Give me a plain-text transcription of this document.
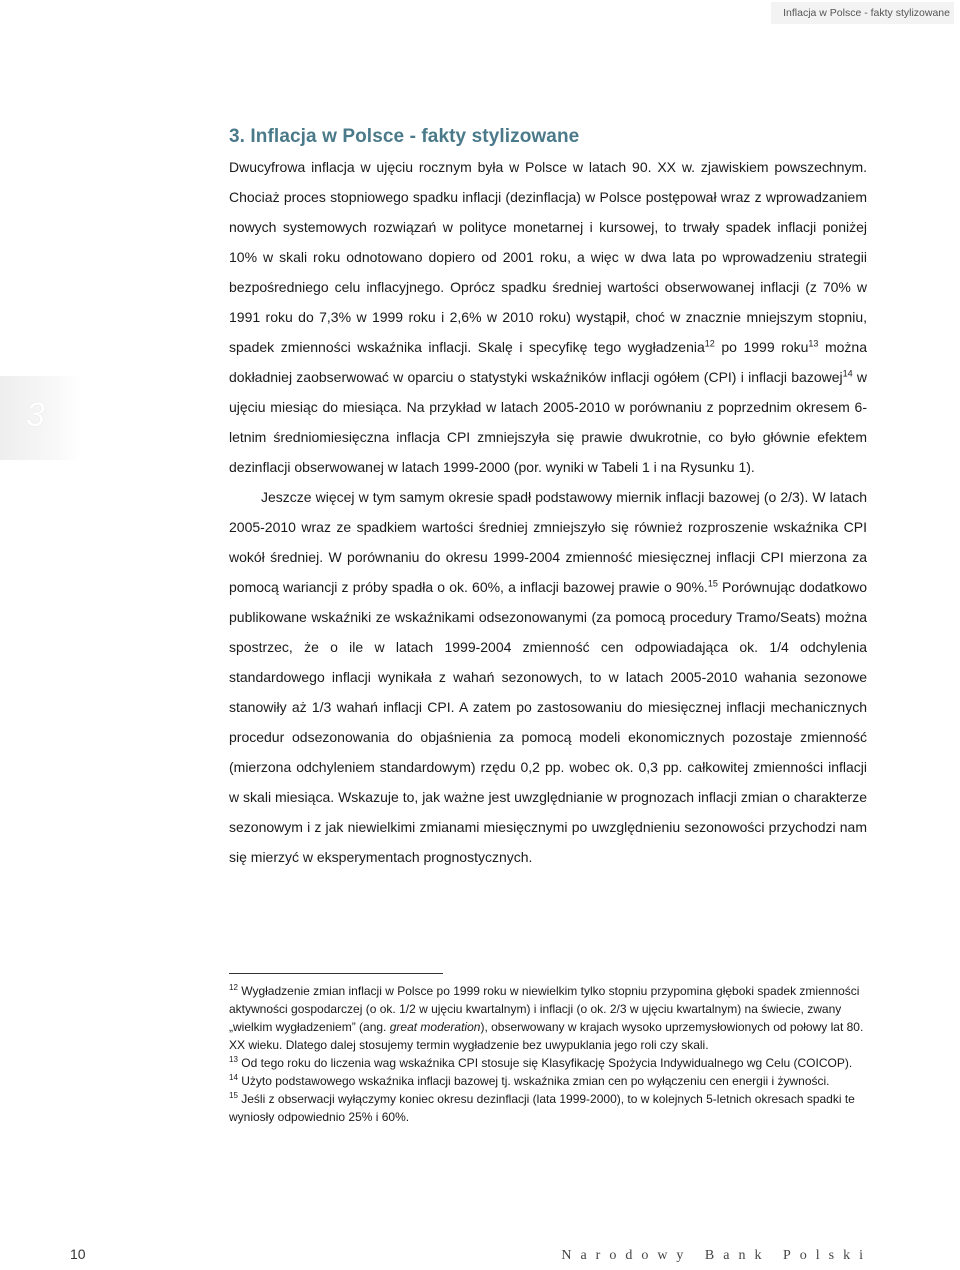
Inflacja w Polsce - fakty stylizowane
3
3. Inflacja w Polsce - fakty stylizowane

Dwucyfrowa inflacja w ujęciu rocznym była w Polsce w latach 90. XX w. zjawiskiem powszechnym. Chociaż proces stopniowego spadku inflacji (dezinflacja) w Polsce postępował wraz z wprowadzaniem nowych systemowych rozwiązań w polityce monetarnej i kursowej, to trwały spadek inflacji poniżej 10% w skali roku odnotowano dopiero od 2001 roku, a więc w dwa lata po wprowadzeniu strategii bezpośredniego celu inflacyjnego. Oprócz spadku średniej wartości obserwowanej inflacji (z 70% w 1991 roku do 7,3% w 1999 roku i 2,6% w 2010 roku) wystąpił, choć w znacznie mniejszym stopniu, spadek zmienności wskaźnika inflacji. Skalę i specyfikę tego wygładzenia$^{12}$ po 1999 roku$^{13}$ można dokładniej zaobserwować w oparciu o statystyki wskaźników inflacji ogółem (CPI) i inflacji bazowej$^{14}$ w ujęciu miesiąc do miesiąca. Na przykład w latach 2005-2010 w porównaniu z poprzednim okresem 6-letnim średniomiesięczna inflacja CPI zmniejszyła się prawie dwukrotnie, co było głównie efektem dezinflacji obserwowanej w latach 1999-2000 (por. wyniki w Tabeli 1 i na Rysunku 1).

Jeszcze więcej w tym samym okresie spadł podstawowy miernik inflacji bazowej (o 2/3). W latach 2005-2010 wraz ze spadkiem wartości średniej zmniejszyło się również rozproszenie wskaźnika CPI wokół średniej. W porównaniu do okresu 1999-2004 zmienność miesięcznej inflacji CPI mierzona za pomocą wariancji z próby spadła o ok. 60%, a inflacji bazowej prawie o 90%.$^{15}$ Porównując dodatkowo publikowane wskaźniki ze wskaźnikami odsezonowanymi (za pomocą procedury Tramo/Seats) można spostrzec, że o ile w latach 1999-2004 zmienność cen odpowiadająca ok. 1/4 odchylenia standardowego inflacji wynikała z wahań sezonowych, to w latach 2005-2010 wahania sezonowe stanowiły aż 1/3 wahań inflacji CPI. A zatem po zastosowaniu do miesięcznej inflacji mechanicznych procedur odsezonowania do objaśnienia za pomocą modeli ekonomicznych pozostaje zmienność (mierzona odchyleniem standardowym) rzędu 0,2 pp. wobec ok. 0,3 pp. całkowitej zmienności inflacji w skali miesiąca. Wskazuje to, jak ważne jest uwzględnianie w prognozach inflacji zmian o charakterze sezonowym i z jak niewielkimi zmianami miesięcznymi po uwzględnieniu sezonowości przychodzi nam się mierzyć w eksperymentach prognostycznych.

$^{12}$ Wygładzenie zmian inflacji w Polsce po 1999 roku w niewielkim tylko stopniu przypomina głęboki spadek zmienności aktywności gospodarczej (o ok. 1/2 w ujęciu kwartalnym) i inflacji (o ok. 2/3 w ujęciu kwartalnym) na świecie, zwany „wielkim wygładzeniem” (ang. great moderation), obserwowany w krajach wysoko uprzemysłowionych od połowy lat 80. XX wieku. Dlatego dalej stosujemy termin wygładzenie bez uwypuklania jego roli czy skali.

$^{13}$ Od tego roku do liczenia wag wskaźnika CPI stosuje się Klasyfikację Spożycia Indywidualnego wg Celu (COICOP).

$^{14}$ Użyto podstawowego wskaźnika inflacji bazowej tj. wskaźnika zmian cen po wyłączeniu cen energii i żywności.

$^{15}$ Jeśli z obserwacji wyłączymy koniec okresu dezinflacji (lata 1999-2000), to w kolejnych 5-letnich okresach spadki te wyniosły odpowiednio 25% i 60%.

10	Narodowy Bank Polski
